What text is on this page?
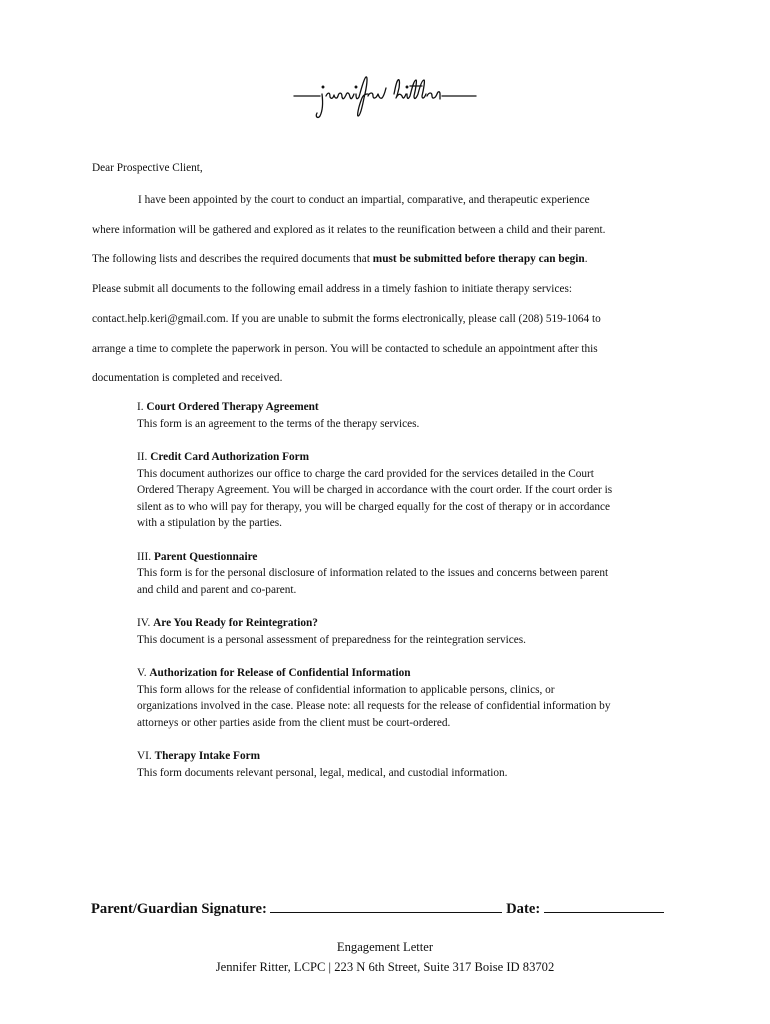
Dear Prospective Client,

I have been appointed by the court to conduct an impartial, comparative, and therapeutic experience

where information will be gathered and explored as it relates to the reunification between a child and their parent.

The following lists and describes the required documents that must be submitted before therapy can begin.

Please submit all documents to the following email address in a timely fashion to initiate therapy services:

contact.help.keri@gmail.com. If you are unable to submit the forms electronically, please call (208) 519-1064 to

arrange a time to complete the paperwork in person. You will be contacted to schedule an appointment after this

documentation is completed and received.

I. Court Ordered Therapy Agreement
This form is an agreement to the terms of the therapy services.
II. Credit Card Authorization Form
This document authorizes our office to charge the card provided for the services detailed in the Court
Ordered Therapy Agreement. You will be charged in accordance with the court order. If the court order is
silent as to who will pay for therapy, you will be charged equally for the cost of therapy or in accordance
with a stipulation by the parties.
III. Parent Questionnaire
This form is for the personal disclosure of information related to the issues and concerns between parent
and child and parent and co-parent.
IV. Are You Ready for Reintegration?
This document is a personal assessment of preparedness for the reintegration services.
V. Authorization for Release of Confidential Information
This form allows for the release of confidential information to applicable persons, clinics, or
organizations involved in the case. Please note: all requests for the release of confidential information by
attorneys or other parties aside from the client must be court-ordered.
VI. Therapy Intake Form
This form documents relevant personal, legal, medical, and custodial information.
Parent/Guardian Signature:	Date:
Engagement Letter
Jennifer Ritter, LCPC | 223 N 6th Street, Suite 317 Boise ID 83702
